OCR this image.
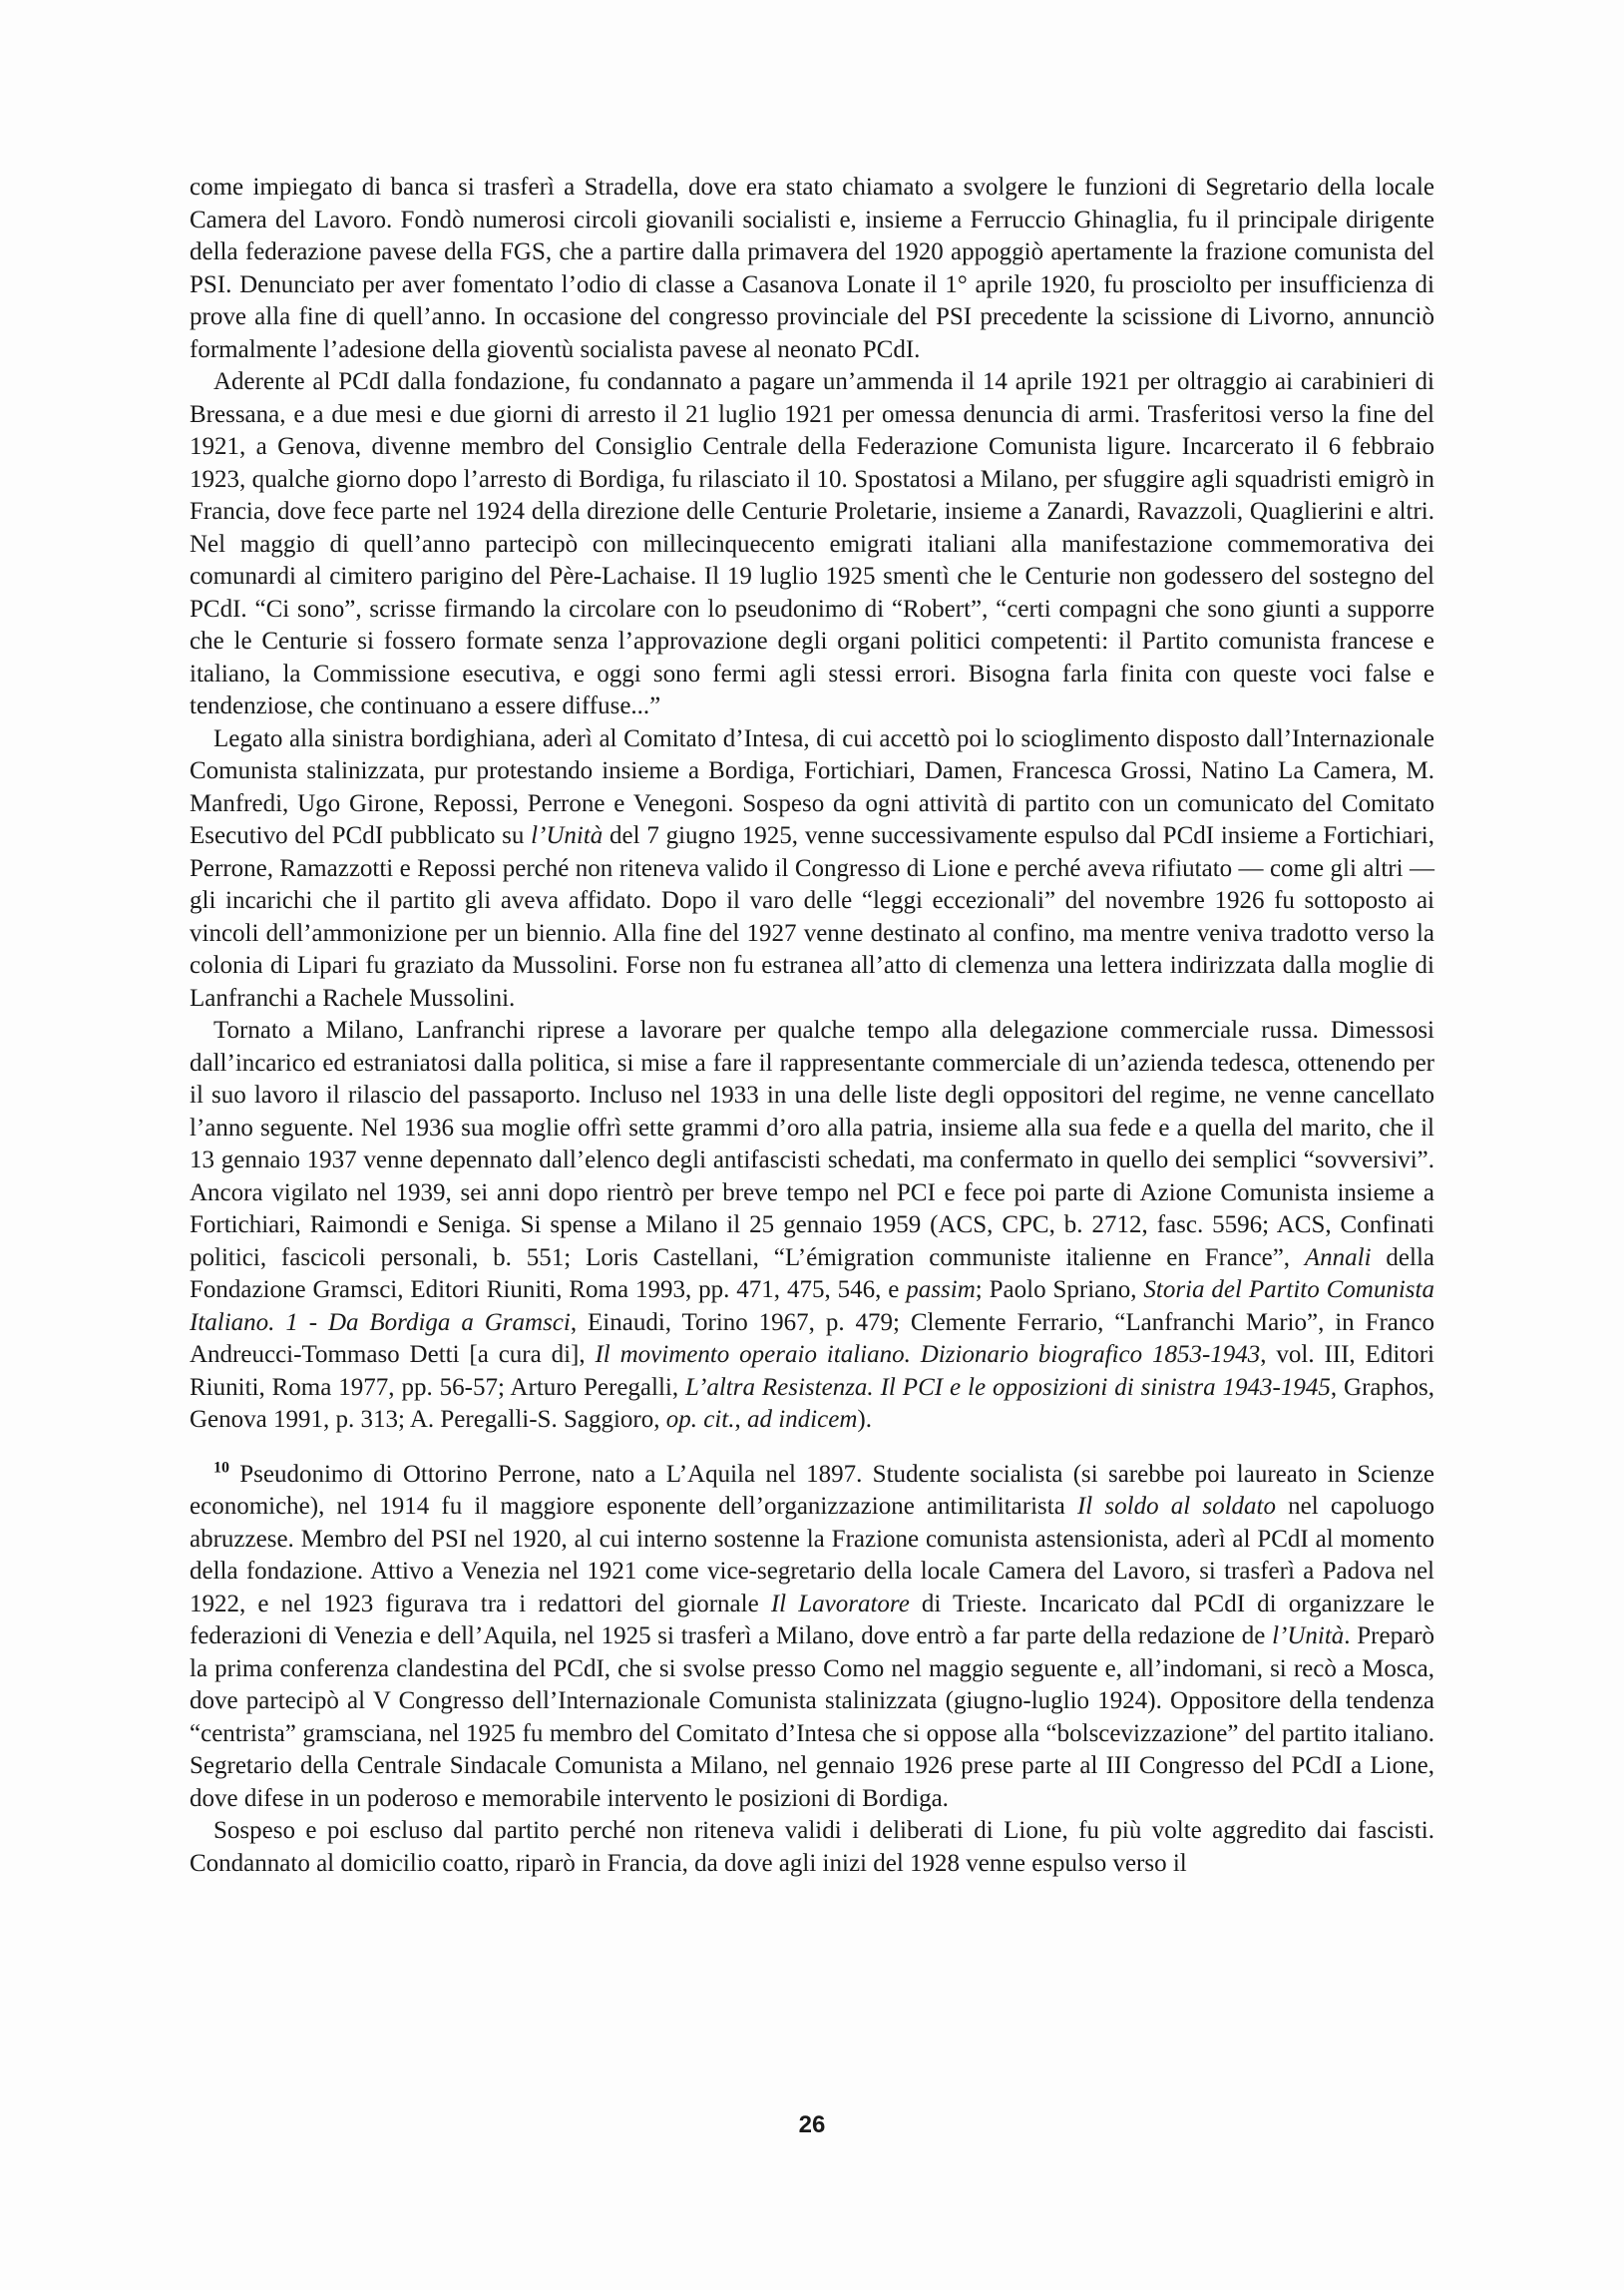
come impiegato di banca si trasferì a Stradella, dove era stato chiamato a svolgere le funzioni di Segretario della locale Camera del Lavoro. Fondò numerosi circoli giovanili socialisti e, insieme a Ferruccio Ghinaglia, fu il principale dirigente della federazione pavese della FGS, che a partire dalla primavera del 1920 appoggiò apertamente la frazione comunista del PSI. Denunciato per aver fomentato l’odio di classe a Casanova Lonate il 1° aprile 1920, fu prosciolto per insufficienza di prove alla fine di quell’anno. In occasione del congresso provinciale del PSI precedente la scissione di Livorno, annunciò formalmente l’adesione della gioventù socialista pavese al neonato PCdI.

Aderente al PCdI dalla fondazione, fu condannato a pagare un’ammenda il 14 aprile 1921 per oltraggio ai carabinieri di Bressana, e a due mesi e due giorni di arresto il 21 luglio 1921 per omessa denuncia di armi. Trasferitosi verso la fine del 1921, a Genova, divenne membro del Consiglio Centrale della Federazione Comunista ligure. Incarcerato il 6 febbraio 1923, qualche giorno dopo l’arresto di Bordiga, fu rilasciato il 10. Spostatosi a Milano, per sfuggire agli squadristi emigrò in Francia, dove fece parte nel 1924 della direzione delle Centurie Proletarie, insieme a Zanardi, Ravazzoli, Quaglierini e altri. Nel maggio di quell’anno partecipò con millecinquecento emigrati italiani alla manifestazione commemorativa dei comunardi al cimitero parigino del Père-Lachaise. Il 19 luglio 1925 smentì che le Centurie non godessero del sostegno del PCdI. “Ci sono”, scrisse firmando la circolare con lo pseudonimo di “Robert”, “certi compagni che sono giunti a supporre che le Centurie si fossero formate senza l’approvazione degli organi politici competenti: il Partito comunista francese e italiano, la Commissione esecutiva, e oggi sono fermi agli stessi errori. Bisogna farla finita con queste voci false e tendenziose, che continuano a essere diffuse...”

Legato alla sinistra bordighiana, aderì al Comitato d’Intesa, di cui accettò poi lo scioglimento disposto dall’Internazionale Comunista stalinizzata, pur protestando insieme a Bordiga, Fortichiari, Damen, Francesca Grossi, Natino La Camera, M. Manfredi, Ugo Girone, Repossi, Perrone e Venegoni. Sospeso da ogni attività di partito con un comunicato del Comitato Esecutivo del PCdI pubblicato su l’Unità del 7 giugno 1925, venne successivamente espulso dal PCdI insieme a Fortichiari, Perrone, Ramazzotti e Repossi perché non riteneva valido il Congresso di Lione e perché aveva rifiutato — come gli altri — gli incarichi che il partito gli aveva affidato. Dopo il varo delle “leggi eccezionali” del novembre 1926 fu sottoposto ai vincoli dell’ammonizione per un biennio. Alla fine del 1927 venne destinato al confino, ma mentre veniva tradotto verso la colonia di Lipari fu graziato da Mussolini. Forse non fu estranea all’atto di clemenza una lettera indirizzata dalla moglie di Lanfranchi a Rachele Mussolini.

Tornato a Milano, Lanfranchi riprese a lavorare per qualche tempo alla delegazione commerciale russa. Dimessosi dall’incarico ed estraniatosi dalla politica, si mise a fare il rappresentante commerciale di un’azienda tedesca, ottenendo per il suo lavoro il rilascio del passaporto. Incluso nel 1933 in una delle liste degli oppositori del regime, ne venne cancellato l’anno seguente. Nel 1936 sua moglie offrì sette grammi d’oro alla patria, insieme alla sua fede e a quella del marito, che il 13 gennaio 1937 venne depennato dall’elenco degli antifascisti schedati, ma confermato in quello dei semplici “sovversivi”. Ancora vigilato nel 1939, sei anni dopo rientrò per breve tempo nel PCI e fece poi parte di Azione Comunista insieme a Fortichiari, Raimondi e Seniga. Si spense a Milano il 25 gennaio 1959 (ACS, CPC, b. 2712, fasc. 5596; ACS, Confinati politici, fascicoli personali, b. 551; Loris Castellani, “L’émigration communiste italienne en France”, Annali della Fondazione Gramsci, Editori Riuniti, Roma 1993, pp. 471, 475, 546, e passim; Paolo Spriano, Storia del Partito Comunista Italiano. 1 - Da Bordiga a Gramsci, Einaudi, Torino 1967, p. 479; Clemente Ferrario, “Lanfranchi Mario”, in Franco Andreucci-Tommaso Detti [a cura di], Il movimento operaio italiano. Dizionario biografico 1853-1943, vol. III, Editori Riuniti, Roma 1977, pp. 56-57; Arturo Peregalli, L’altra Resistenza. Il PCI e le opposizioni di sinistra 1943-1945, Graphos, Genova 1991, p. 313; A. Peregalli-S. Saggioro, op. cit., ad indicem).

$^{10}$ Pseudonimo di Ottorino Perrone, nato a L’Aquila nel 1897. Studente socialista (si sarebbe poi laureato in Scienze economiche), nel 1914 fu il maggiore esponente dell’organizzazione antimilitarista Il soldo al soldato nel capoluogo abruzzese. Membro del PSI nel 1920, al cui interno sostenne la Frazione comunista astensionista, aderì al PCdI al momento della fondazione. Attivo a Venezia nel 1921 come vice-segretario della locale Camera del Lavoro, si trasferì a Padova nel 1922, e nel 1923 figurava tra i redattori del giornale Il Lavoratore di Trieste. Incaricato dal PCdI di organizzare le federazioni di Venezia e dell’Aquila, nel 1925 si trasferì a Milano, dove entrò a far parte della redazione de l’Unità. Preparò la prima conferenza clandestina del PCdI, che si svolse presso Como nel maggio seguente e, all’indomani, si recò a Mosca, dove partecipò al V Congresso dell’Internazionale Comunista stalinizzata (giugno-luglio 1924). Oppositore della tendenza “centrista” gramsciana, nel 1925 fu membro del Comitato d’Intesa che si oppose alla “bolscevizzazione” del partito italiano. Segretario della Centrale Sindacale Comunista a Milano, nel gennaio 1926 prese parte al III Congresso del PCdI a Lione, dove difese in un poderoso e memorabile intervento le posizioni di Bordiga.

Sospeso e poi escluso dal partito perché non riteneva validi i deliberati di Lione, fu più volte aggredito dai fascisti. Condannato al domicilio coatto, riparò in Francia, da dove agli inizi del 1928 venne espulso verso il

26
